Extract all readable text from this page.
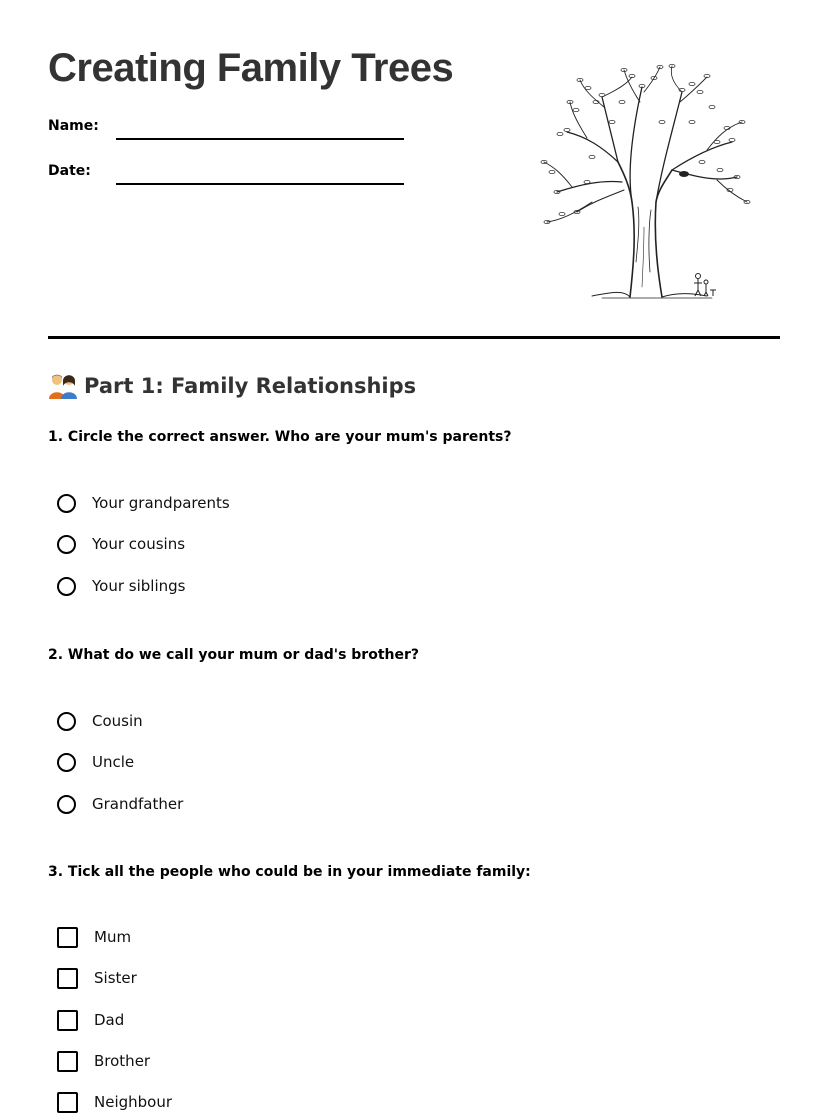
Creating Family Trees
Name:
Date:
Part 1: Family Relationships

1. Circle the correct answer. Who are your mum's parents?

Your grandparents
Your cousins
Your siblings

2. What do we call your mum or dad's brother?

Cousin
Uncle
Grandfather

3. Tick all the people who could be in your immediate family:

Mum
Sister
Dad
Brother
Neighbour
